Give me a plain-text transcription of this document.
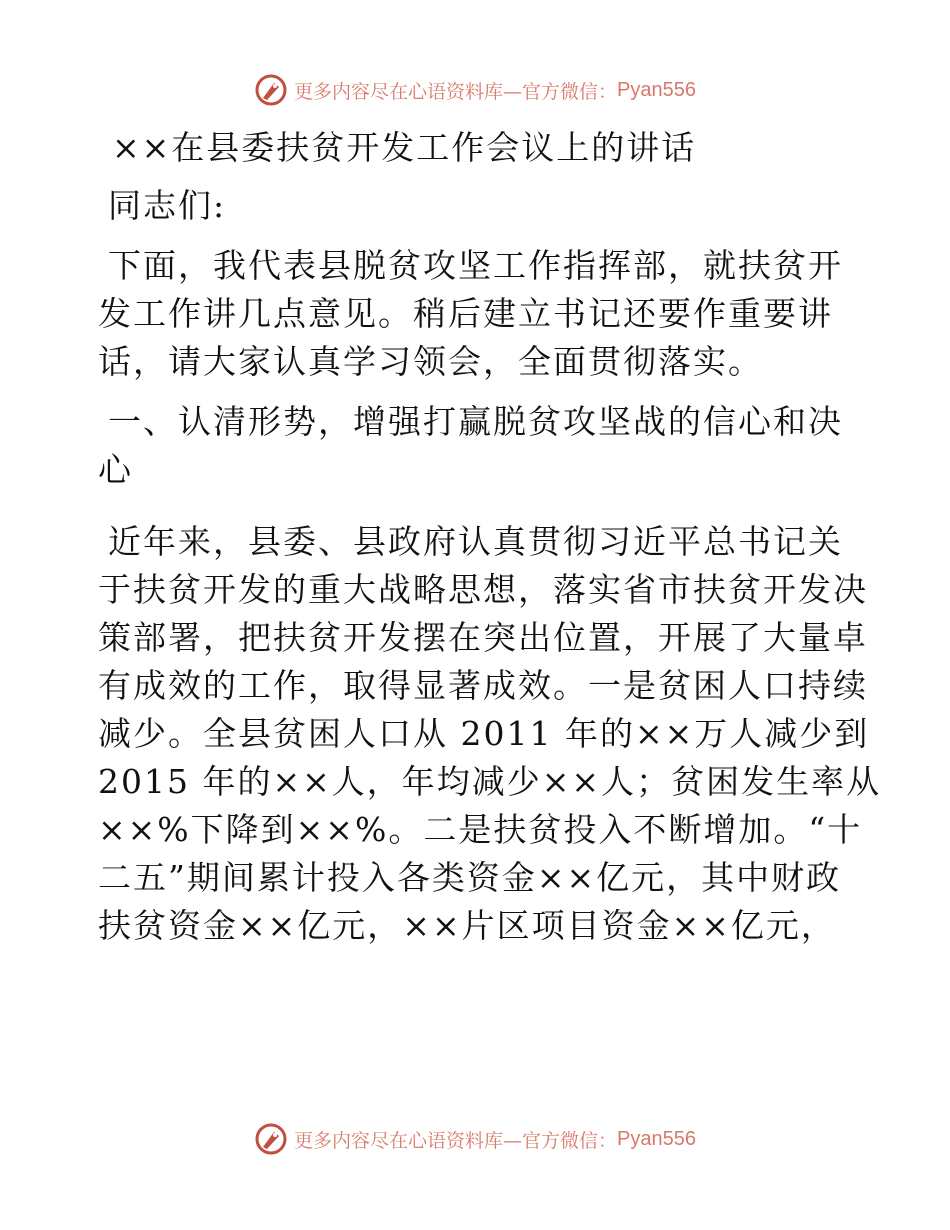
更多内容尽在心语资料库—官方微信： Pyan556
××在县委扶贫开发工作会议上的讲话
同志们:
下面，我代表县脱贫攻坚工作指挥部，就扶贫开
发工作讲几点意见。稍后建立书记还要作重要讲
话，请大家认真学习领会，全面贯彻落实。
一、认清形势，增强打赢脱贫攻坚战的信心和决
心
近年来，县委、县政府认真贯彻习近平总书记关
于扶贫开发的重大战略思想，落实省市扶贫开发决
策部署，把扶贫开发摆在突出位置，开展了大量卓
有成效的工作，取得显著成效。一是贫困人口持续
减少。全县贫困人口从 2011 年的××万人减少到
2015 年的××人，年均减少××人；贫困发生率从
××%下降到××%。二是扶贫投入不断增加。“十
二五”期间累计投入各类资金××亿元，其中财政
扶贫资金××亿元，××片区项目资金××亿元，
更多内容尽在心语资料库—官方微信： Pyan556
